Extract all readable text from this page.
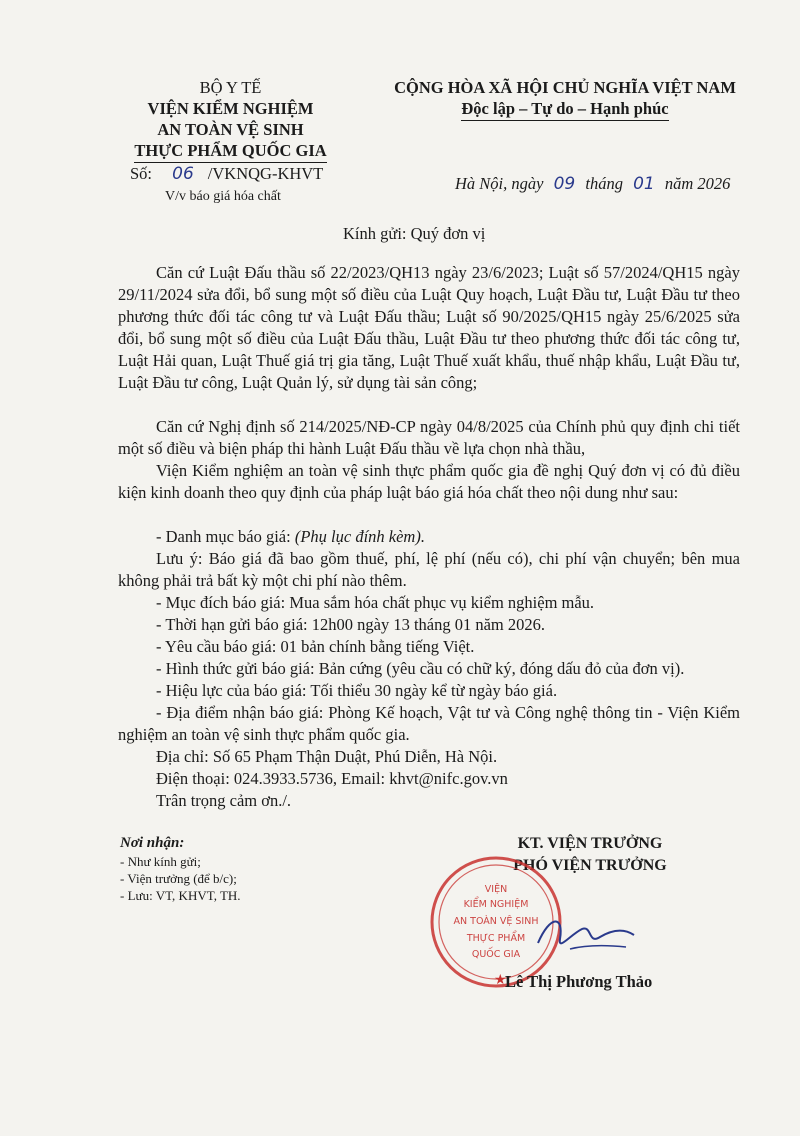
BỘ Y TẾ
VIỆN KIỂM NGHIỆM
AN TOÀN VỆ SINH
THỰC PHẨM QUỐC GIA
Số: 06 /VKNQG-KHVT
V/v báo giá hóa chất
CỘNG HÒA XÃ HỘI CHỦ NGHĨA VIỆT NAM
Độc lập – Tự do – Hạnh phúc
Hà Nội, ngày 09 tháng 01 năm 2026
Kính gửi: Quý đơn vị

Căn cứ Luật Đấu thầu số 22/2023/QH13 ngày 23/6/2023; Luật số 57/2024/QH15 ngày 29/11/2024 sửa đổi, bổ sung một số điều của Luật Quy hoạch, Luật Đầu tư, Luật Đầu tư theo phương thức đối tác công tư và Luật Đấu thầu; Luật số 90/2025/QH15 ngày 25/6/2025 sửa đổi, bổ sung một số điều của Luật Đấu thầu, Luật Đầu tư theo phương thức đối tác công tư, Luật Hải quan, Luật Thuế giá trị gia tăng, Luật Thuế xuất khẩu, thuế nhập khẩu, Luật Đầu tư, Luật Đầu tư công, Luật Quản lý, sử dụng tài sản công;

Căn cứ Nghị định số 214/2025/NĐ-CP ngày 04/8/2025 của Chính phủ quy định chi tiết một số điều và biện pháp thi hành Luật Đấu thầu về lựa chọn nhà thầu,

Viện Kiểm nghiệm an toàn vệ sinh thực phẩm quốc gia đề nghị Quý đơn vị có đủ điều kiện kinh doanh theo quy định của pháp luật báo giá hóa chất theo nội dung như sau:

- Danh mục báo giá: (Phụ lục đính kèm).

Lưu ý: Báo giá đã bao gồm thuế, phí, lệ phí (nếu có), chi phí vận chuyển; bên mua không phải trả bất kỳ một chi phí nào thêm.

- Mục đích báo giá: Mua sắm hóa chất phục vụ kiểm nghiệm mẫu.
- Thời hạn gửi báo giá: 12h00 ngày 13 tháng 01 năm 2026.
- Yêu cầu báo giá: 01 bản chính bằng tiếng Việt.
- Hình thức gửi báo giá: Bản cứng (yêu cầu có chữ ký, đóng dấu đỏ của đơn vị).
- Hiệu lực của báo giá: Tối thiểu 30 ngày kể từ ngày báo giá.

- Địa điểm nhận báo giá: Phòng Kế hoạch, Vật tư và Công nghệ thông tin - Viện Kiểm nghiệm an toàn vệ sinh thực phẩm quốc gia.

Địa chỉ: Số 65 Phạm Thận Duật, Phú Diễn, Hà Nội.
Điện thoại: 024.3933.5736, Email: khvt@nifc.gov.vn
Trân trọng cảm ơn./.
Nơi nhận:
- Như kính gửi;
- Viện trưởng (để b/c);
- Lưu: VT, KHVT, TH.
KT. VIỆN TRƯỞNG
PHÓ VIỆN TRƯỞNG
VIỆN
KIỂM NGHIỆM
AN TOÀN VỆ SINH
THỰC PHẨM
QUỐC GIA
★
Lê Thị Phương Thảo
